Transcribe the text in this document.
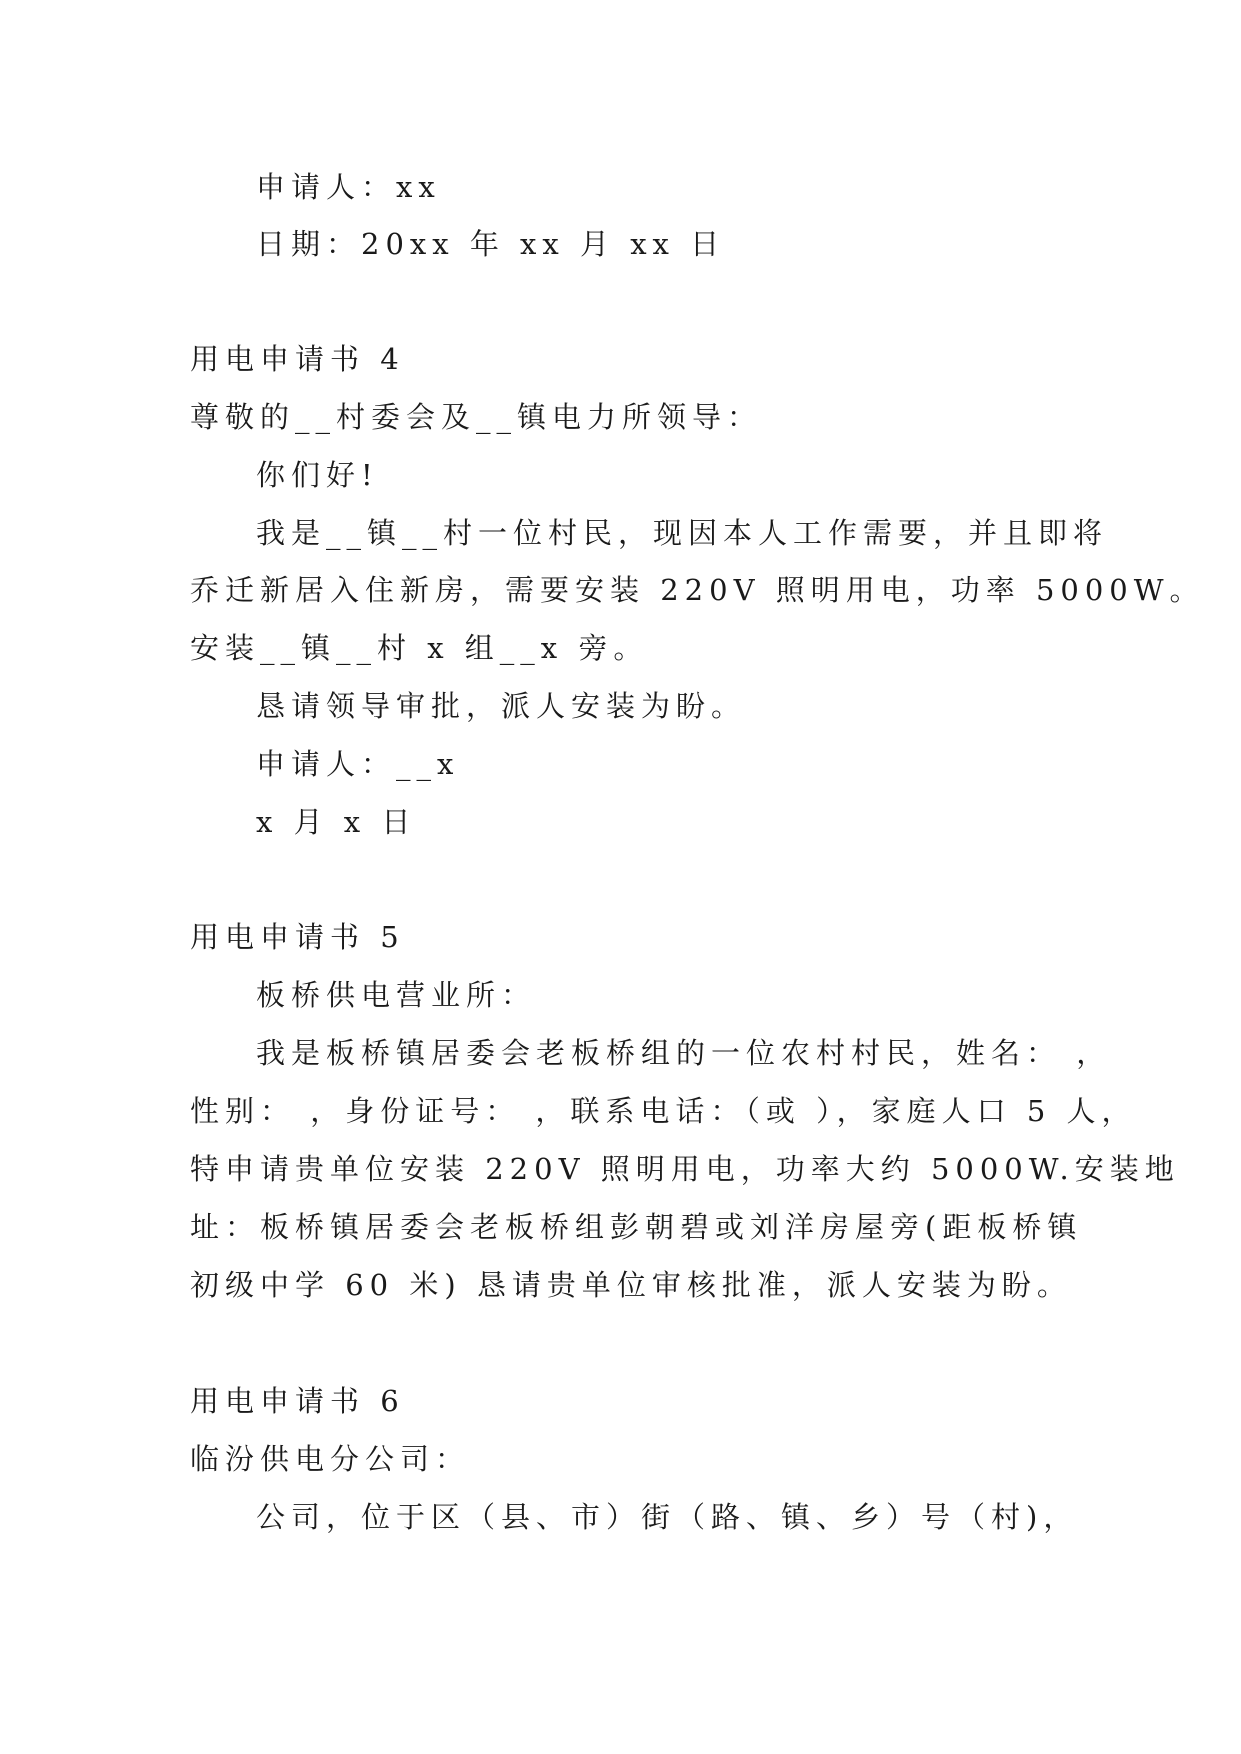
申请人：xx
日期：20xx 年 xx 月 xx 日
用电申请书 4
尊敬的__村委会及__镇电力所领导：
你们好!
我是__镇__村一位村民，现因本人工作需要，并且即将
乔迁新居入住新房，需要安装 220V 照明用电，功率 5000W。
安装__镇__村 x 组__x 旁。
恳请领导审批，派人安装为盼。
申请人：__x
x 月 x 日
用电申请书 5
板桥供电营业所：
我是板桥镇居委会老板桥组的一位农村村民，姓名： ，
性别： ，身份证号： ，联系电话：（或 ），家庭人口 5 人，
特申请贵单位安装 220V 照明用电，功率大约 5000W.安装地
址：板桥镇居委会老板桥组彭朝碧或刘洋房屋旁(距板桥镇
初级中学 60 米) 恳请贵单位审核批准，派人安装为盼。
用电申请书 6
临汾供电分公司：
公司，位于区（县、市）街（路、镇、乡）号（村)，
